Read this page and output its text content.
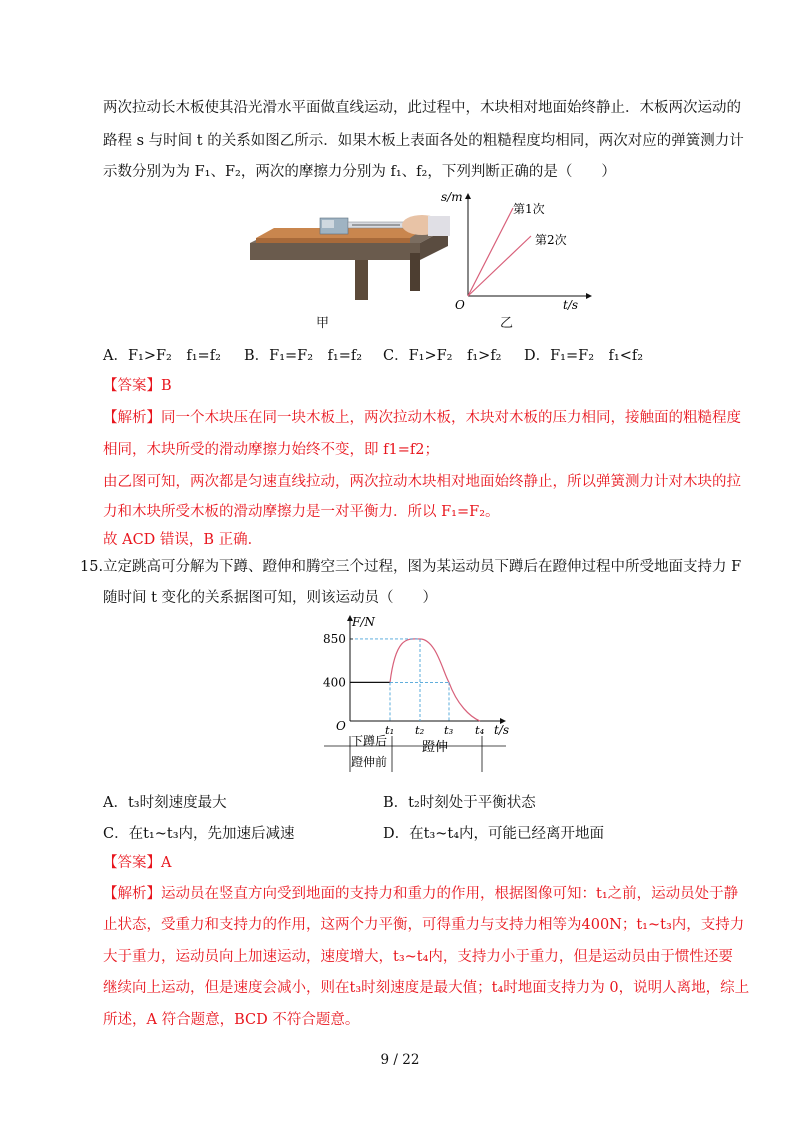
两次拉动长木板使其沿光滑水平面做直线运动，此过程中，木块相对地面始终静止．木板两次运动的
路程 s 与时间 t 的关系如图乙所示．如果木板上表面各处的粗糙程度均相同，两次对应的弹簧测力计
示数分别为为 F₁、F₂，两次的摩擦力分别为 f₁、f₂，下列判断正确的是（　　）
甲
s/m
t/s
O
第1次
第2次
乙
A．F₁>F₂　f₁=f₂ B．F₁=F₂　f₁=f₂ C．F₁>F₂　f₁>f₂ D．F₁=F₂　f₁<f₂
【答案】B
【解析】同一个木块压在同一块木板上，两次拉动木板，木块对木板的压力相同，接触面的粗糙程度
相同，木块所受的滑动摩擦力始终不变，即 f1=f2；
由乙图可知，两次都是匀速直线拉动，两次拉动木块相对地面始终静止，所以弹簧测力计对木块的拉
力和木块所受木板的滑动摩擦力是一对平衡力．所以 F₁=F₂。
故 ACD 错误，B 正确．
15. 立定跳高可分解为下蹲、蹬伸和腾空三个过程，图为某运动员下蹲后在蹬伸过程中所受地面支持力 F
随时间 t 变化的关系据图可知，则该运动员（　　）
F/N
t/s
O
850
400
t₁ t₂ t₃ t₄
下蹲后
蹬伸前
蹬伸
A．t₃时刻速度最大	B．t₂时刻处于平衡状态
C．在t₁~t₃内，先加速后减速	D．在t₃~t₄内，可能已经离开地面
【答案】A
【解析】运动员在竖直方向受到地面的支持力和重力的作用，根据图像可知：t₁之前，运动员处于静
止状态，受重力和支持力的作用，这两个力平衡，可得重力与支持力相等为400N；t₁~t₃内，支持力
大于重力，运动员向上加速运动，速度增大，t₃~t₄内，支持力小于重力，但是运动员由于惯性还要
继续向上运动，但是速度会减小，则在t₃时刻速度是最大值；t₄时地面支持力为 0，说明人离地，综上
所述，A 符合题意，BCD 不符合题意。
9 / 22
